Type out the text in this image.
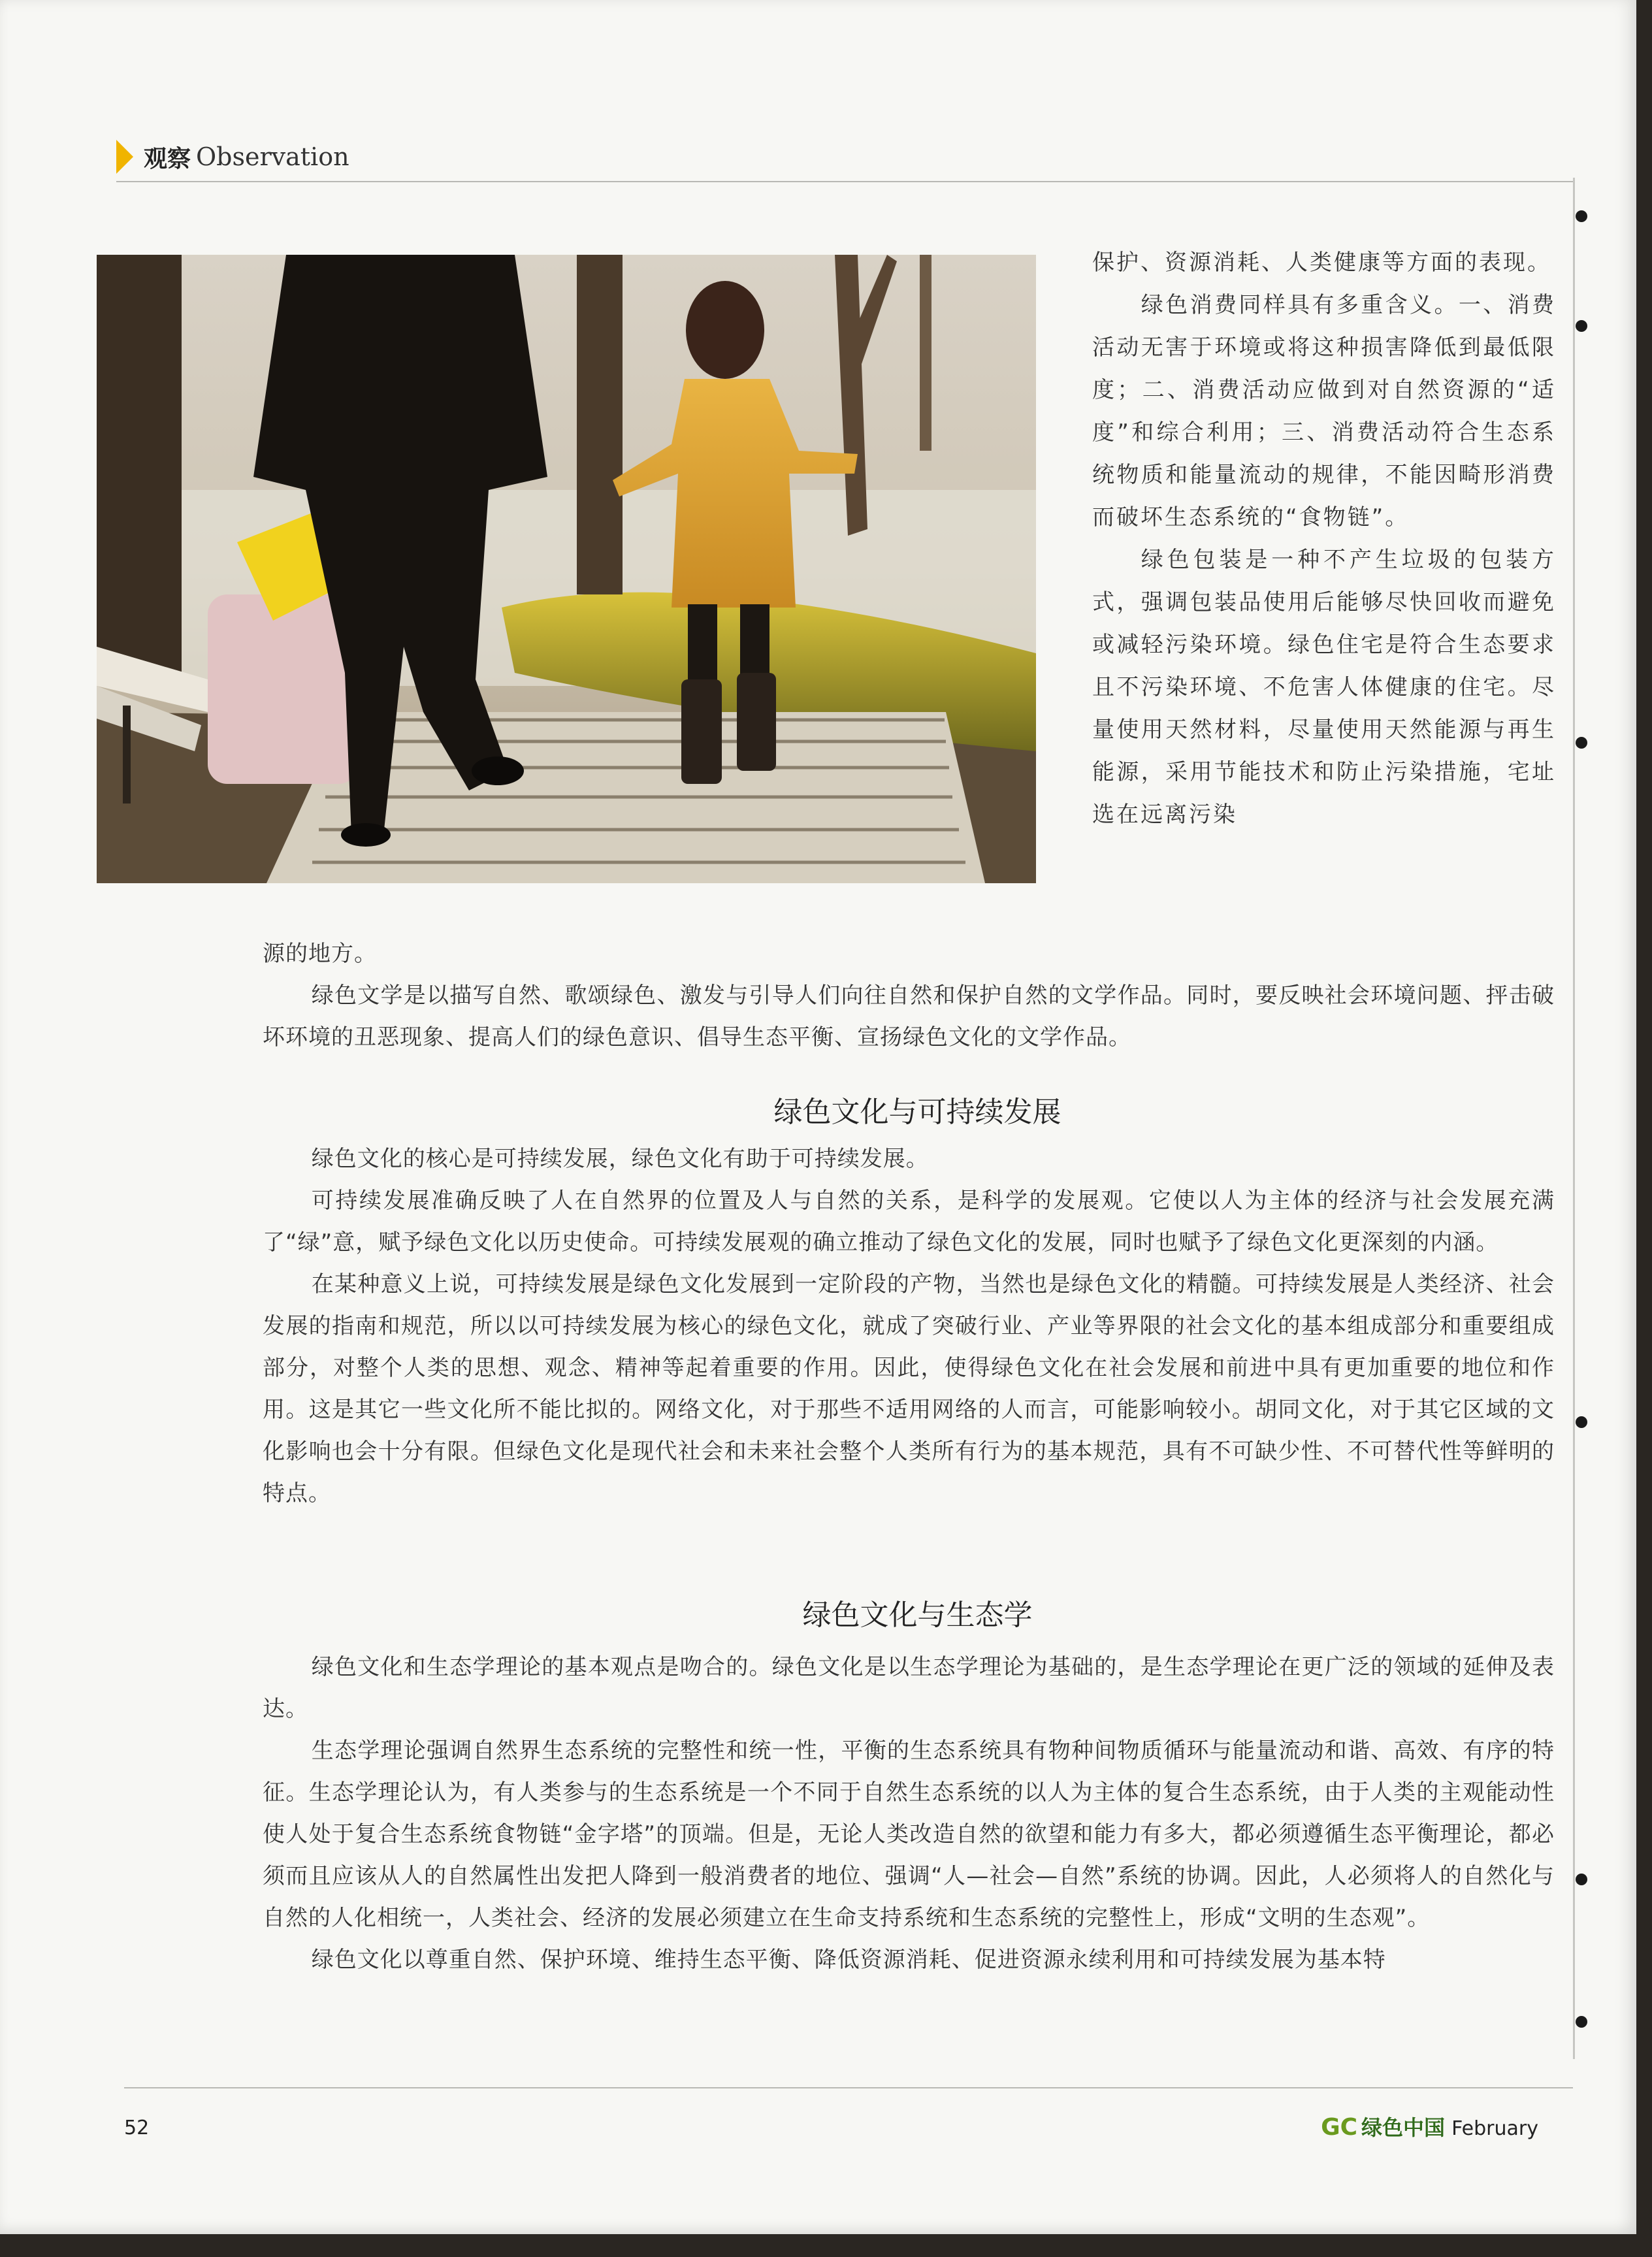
观察 Observation

保护、资源消耗、人类健康等方面的表现。

绿色消费同样具有多重含义。一、消费活动无害于环境或将这种损害降低到最低限度；二、消费活动应做到对自然资源的“适度”和综合利用；三、消费活动符合生态系统物质和能量流动的规律，不能因畸形消费而破坏生态系统的“食物链”。

绿色包装是一种不产生垃圾的包装方式，强调包装品使用后能够尽快回收而避免或减轻污染环境。绿色住宅是符合生态要求且不污染环境、不危害人体健康的住宅。尽量使用天然材料，尽量使用天然能源与再生能源，采用节能技术和防止污染措施，宅址选在远离污染

源的地方。

绿色文学是以描写自然、歌颂绿色、激发与引导人们向往自然和保护自然的文学作品。同时，要反映社会环境问题、抨击破坏环境的丑恶现象、提高人们的绿色意识、倡导生态平衡、宣扬绿色文化的文学作品。

绿色文化与可持续发展

绿色文化的核心是可持续发展，绿色文化有助于可持续发展。

可持续发展准确反映了人在自然界的位置及人与自然的关系，是科学的发展观。它使以人为主体的经济与社会发展充满了“绿”意，赋予绿色文化以历史使命。可持续发展观的确立推动了绿色文化的发展，同时也赋予了绿色文化更深刻的内涵。

在某种意义上说，可持续发展是绿色文化发展到一定阶段的产物，当然也是绿色文化的精髓。可持续发展是人类经济、社会发展的指南和规范，所以以可持续发展为核心的绿色文化，就成了突破行业、产业等界限的社会文化的基本组成部分和重要组成部分，对整个人类的思想、观念、精神等起着重要的作用。因此，使得绿色文化在社会发展和前进中具有更加重要的地位和作用。这是其它一些文化所不能比拟的。网络文化，对于那些不适用网络的人而言，可能影响较小。胡同文化，对于其它区域的文化影响也会十分有限。但绿色文化是现代社会和未来社会整个人类所有行为的基本规范，具有不可缺少性、不可替代性等鲜明的特点。

绿色文化与生态学

绿色文化和生态学理论的基本观点是吻合的。绿色文化是以生态学理论为基础的，是生态学理论在更广泛的领域的延伸及表达。

生态学理论强调自然界生态系统的完整性和统一性，平衡的生态系统具有物种间物质循环与能量流动和谐、高效、有序的特征。生态学理论认为，有人类参与的生态系统是一个不同于自然生态系统的以人为主体的复合生态系统，由于人类的主观能动性使人处于复合生态系统食物链“金字塔”的顶端。但是，无论人类改造自然的欲望和能力有多大，都必须遵循生态平衡理论，都必须而且应该从人的自然属性出发把人降到一般消费者的地位、强调“人—社会—自然”系统的协调。因此，人必须将人的自然化与自然的人化相统一，人类社会、经济的发展必须建立在生命支持系统和生态系统的完整性上，形成“文明的生态观”。

绿色文化以尊重自然、保护环境、维持生态平衡、降低资源消耗、促进资源永续利用和可持续发展为基本特

52	GC 绿色中国 February
